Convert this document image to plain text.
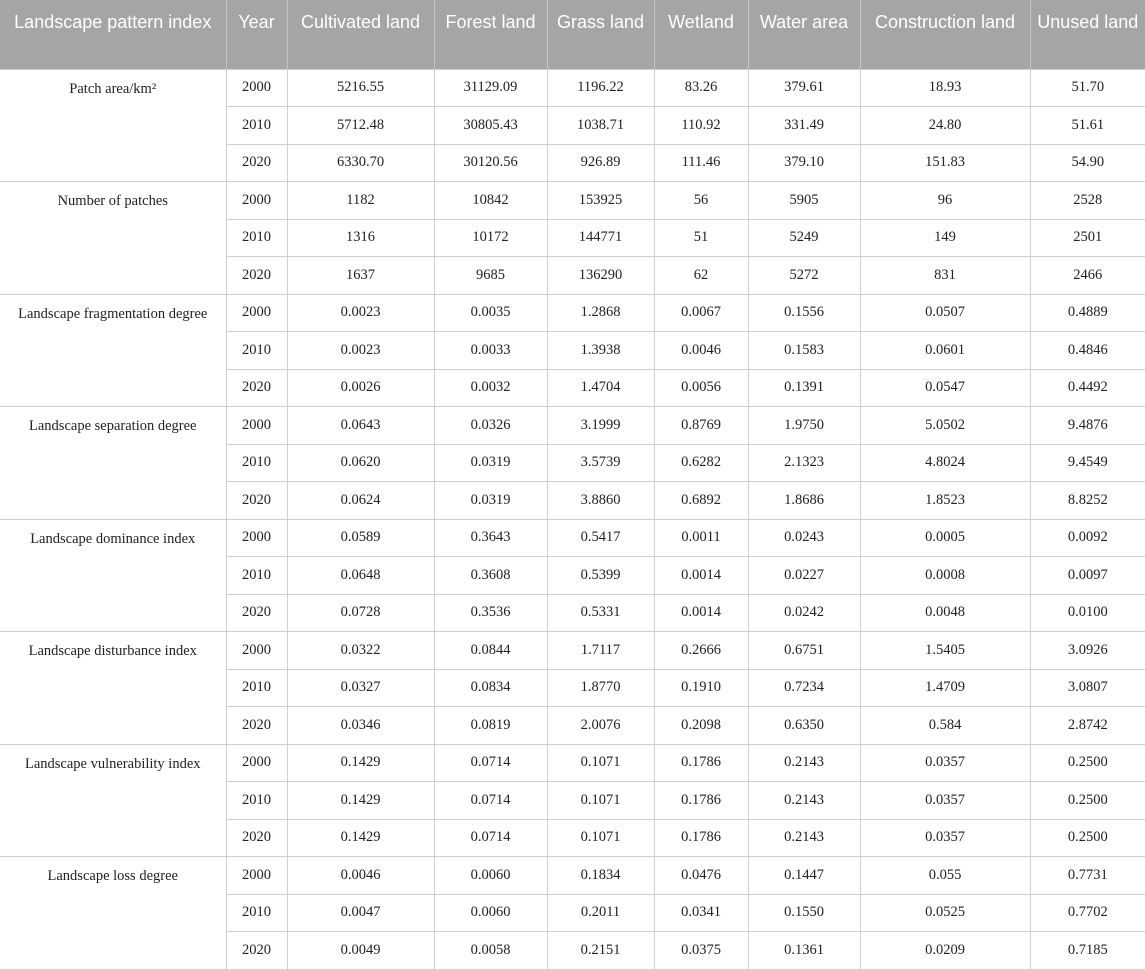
Landscape pattern index	Year	Cultivated land	Forest land	Grass land	Wetland	Water area	Construction land	Unused land
Patch area/km²	2000	5216.55	31129.09	1196.22	83.26	379.61	18.93	51.70
	2010	5712.48	30805.43	1038.71	110.92	331.49	24.80	51.61
	2020	6330.70	30120.56	926.89	111.46	379.10	151.83	54.90
Number of patches	2000	1182	10842	153925	56	5905	96	2528
	2010	1316	10172	144771	51	5249	149	2501
	2020	1637	9685	136290	62	5272	831	2466
Landscape fragmentation degree	2000	0.0023	0.0035	1.2868	0.0067	0.1556	0.0507	0.4889
	2010	0.0023	0.0033	1.3938	0.0046	0.1583	0.0601	0.4846
	2020	0.0026	0.0032	1.4704	0.0056	0.1391	0.0547	0.4492
Landscape separation degree	2000	0.0643	0.0326	3.1999	0.8769	1.9750	5.0502	9.4876
	2010	0.0620	0.0319	3.5739	0.6282	2.1323	4.8024	9.4549
	2020	0.0624	0.0319	3.8860	0.6892	1.8686	1.8523	8.8252
Landscape dominance index	2000	0.0589	0.3643	0.5417	0.0011	0.0243	0.0005	0.0092
	2010	0.0648	0.3608	0.5399	0.0014	0.0227	0.0008	0.0097
	2020	0.0728	0.3536	0.5331	0.0014	0.0242	0.0048	0.0100
Landscape disturbance index	2000	0.0322	0.0844	1.7117	0.2666	0.6751	1.5405	3.0926
	2010	0.0327	0.0834	1.8770	0.1910	0.7234	1.4709	3.0807
	2020	0.0346	0.0819	2.0076	0.2098	0.6350	0.584	2.8742
Landscape vulnerability index	2000	0.1429	0.0714	0.1071	0.1786	0.2143	0.0357	0.2500
	2010	0.1429	0.0714	0.1071	0.1786	0.2143	0.0357	0.2500
	2020	0.1429	0.0714	0.1071	0.1786	0.2143	0.0357	0.2500
Landscape loss degree	2000	0.0046	0.0060	0.1834	0.0476	0.1447	0.055	0.7731
	2010	0.0047	0.0060	0.2011	0.0341	0.1550	0.0525	0.7702
	2020	0.0049	0.0058	0.2151	0.0375	0.1361	0.0209	0.7185
